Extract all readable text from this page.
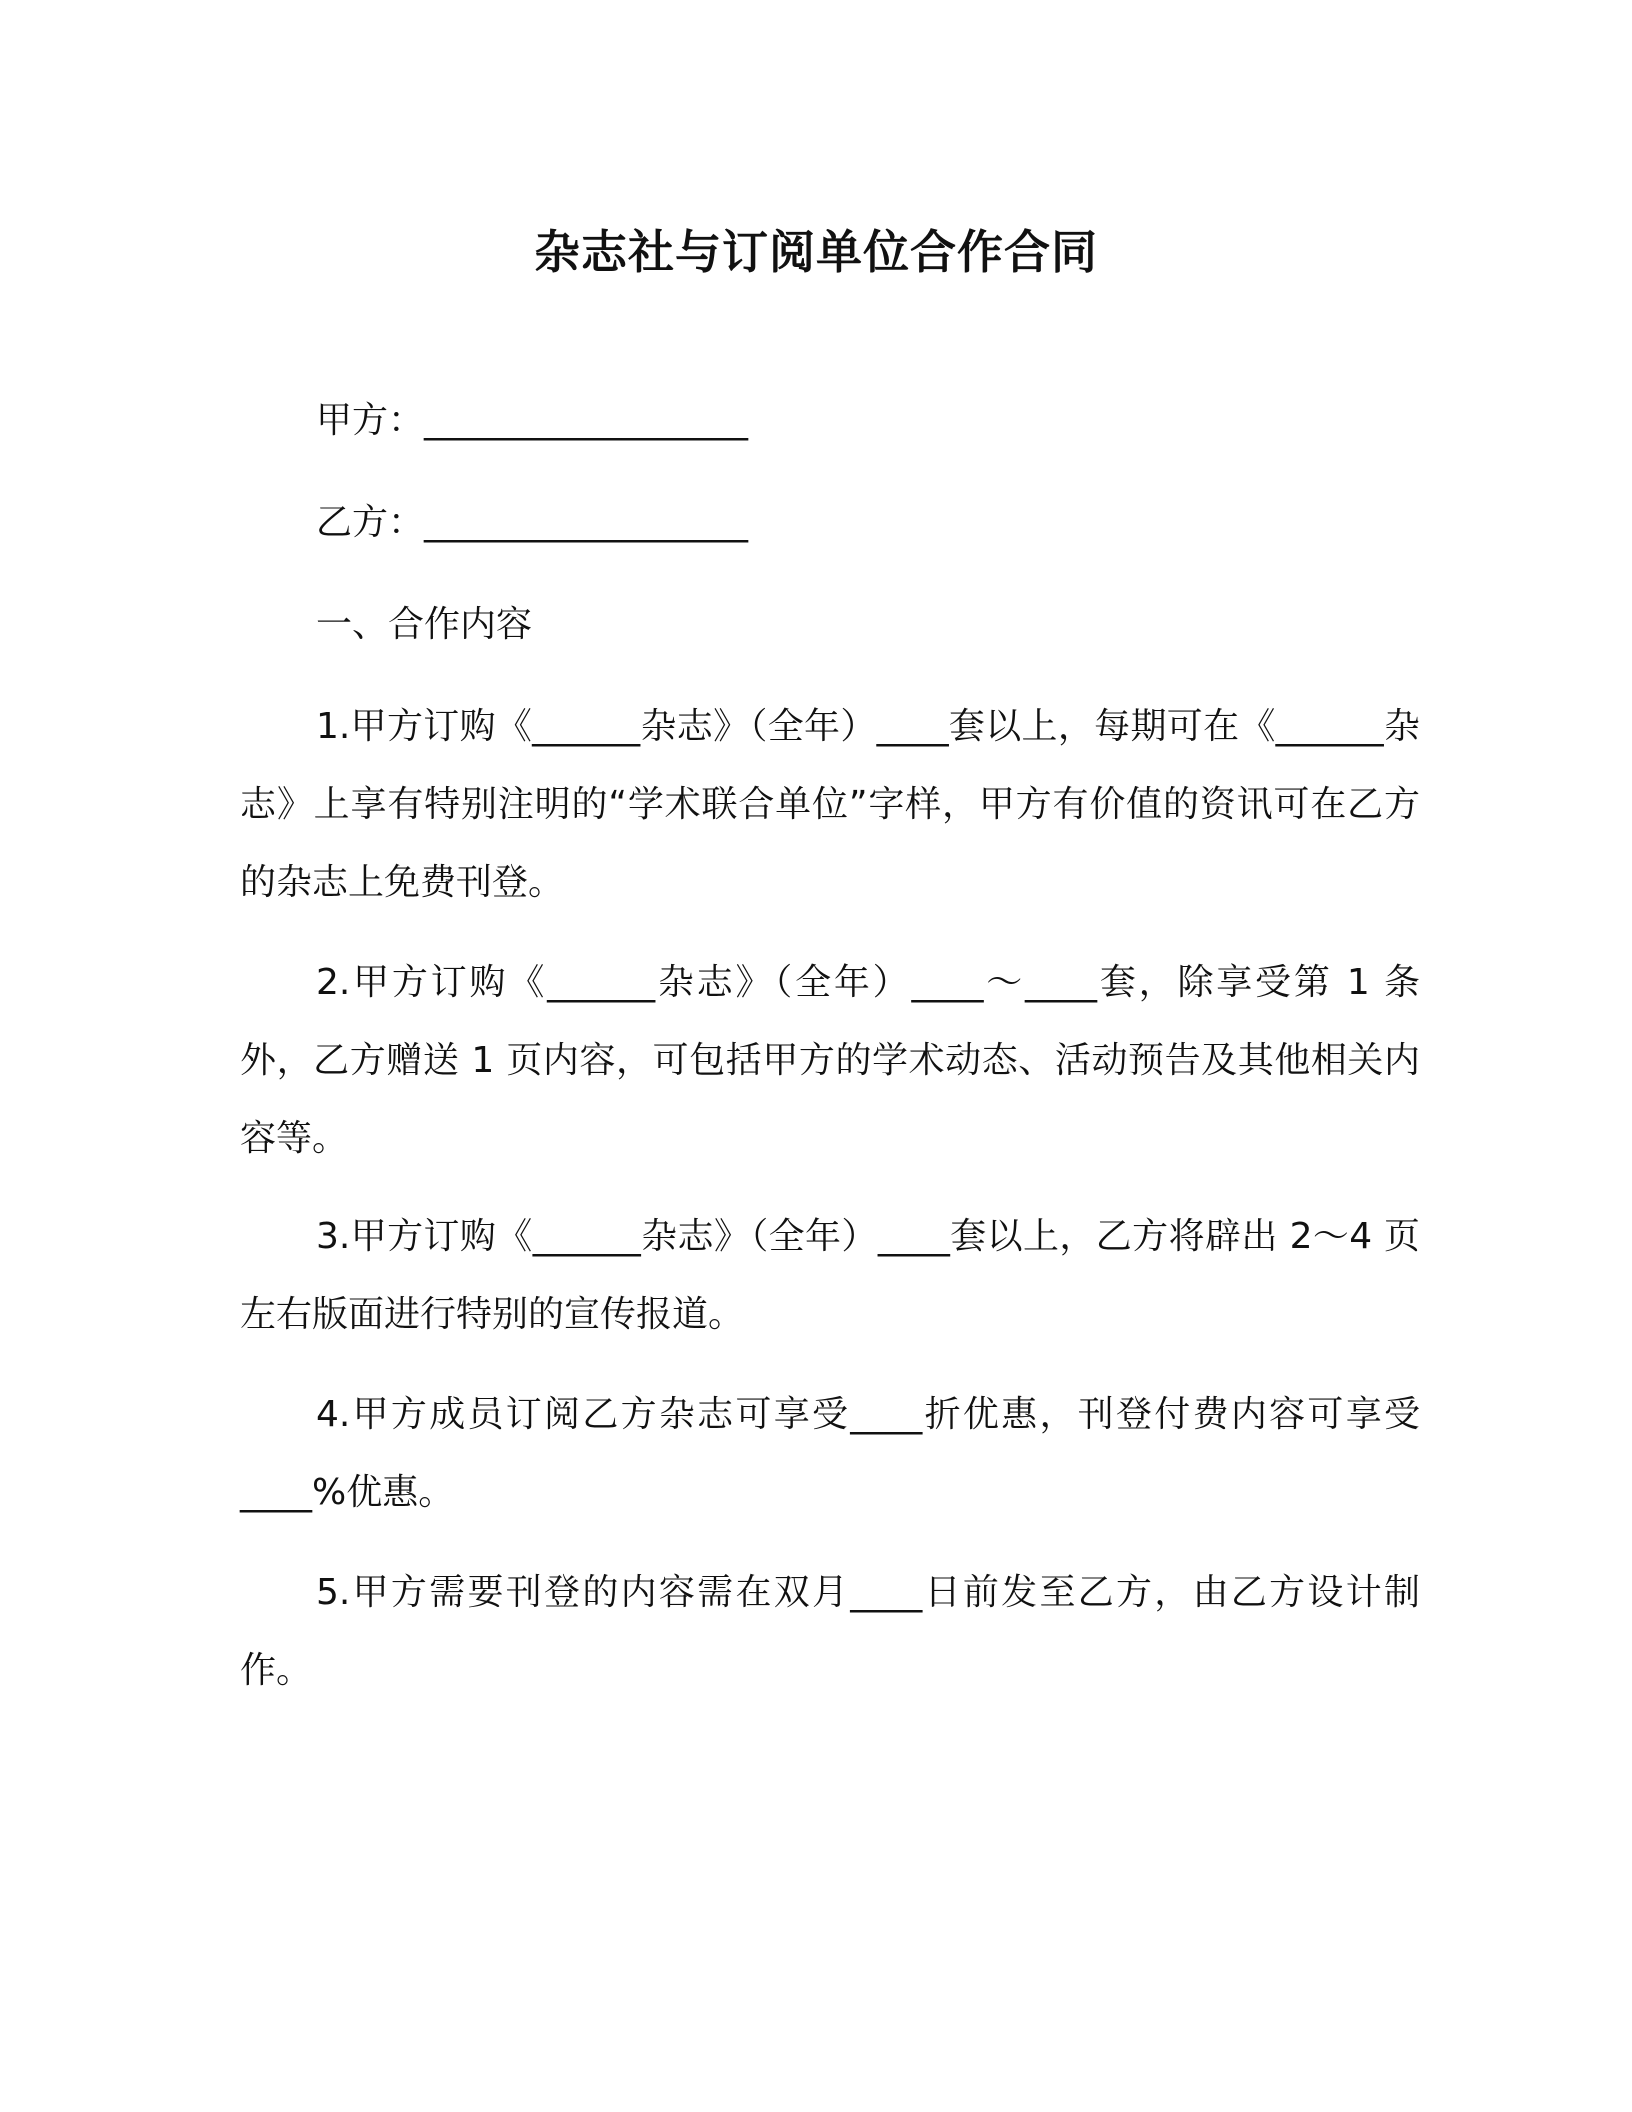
杂志社与订阅单位合作合同

甲方：__________________

乙方：__________________

一、合作内容

1.甲方订购《______杂志》（全年）____套以上，每期可在《______杂志》上享有特别注明的“学术联合单位”字样，甲方有价值的资讯可在乙方的杂志上免费刊登。

2.甲方订购《______杂志》（全年）____～____套，除享受第 1 条外，乙方赠送 1 页内容，可包括甲方的学术动态、活动预告及其他相关内容等。

3.甲方订购《______杂志》（全年）____套以上，乙方将辟出 2～4 页左右版面进行特别的宣传报道。

4.甲方成员订阅乙方杂志可享受____折优惠，刊登付费内容可享受____%优惠。

5.甲方需要刊登的内容需在双月____日前发至乙方，由乙方设计制作。
